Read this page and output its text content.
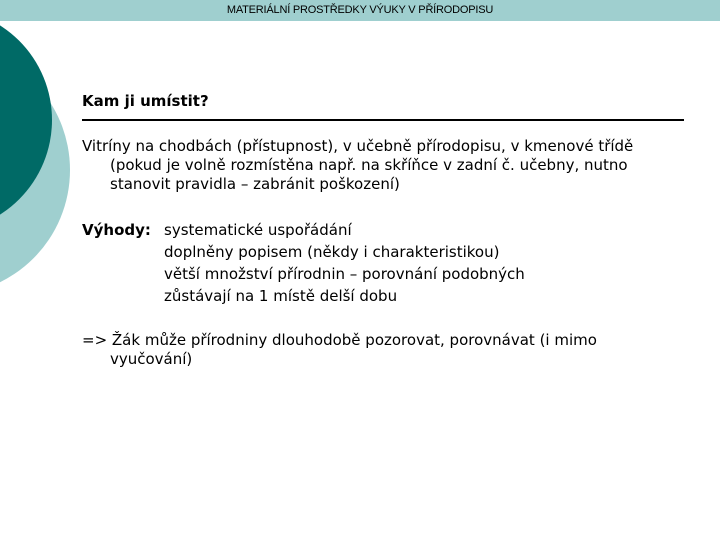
MATERIÁLNÍ PROSTŘEDKY VÝUKY V PŘÍRODOPISU
Kam ji umístit?
Vitríny na chodbách (přístupnost), v učebně přírodopisu, v kmenové třídě (pokud je volně rozmístěna např. na skříňce v zadní č. učebny, nutno stanovit pravidla – zabránit poškození)
Výhody: systematické uspořádání
doplněny popisem (někdy i charakteristikou)
větší množství přírodnin – porovnání podobných
zůstávají na 1 místě delší dobu
=> Žák může přírodniny dlouhodobě pozorovat, porovnávat (i mimo vyučování)
